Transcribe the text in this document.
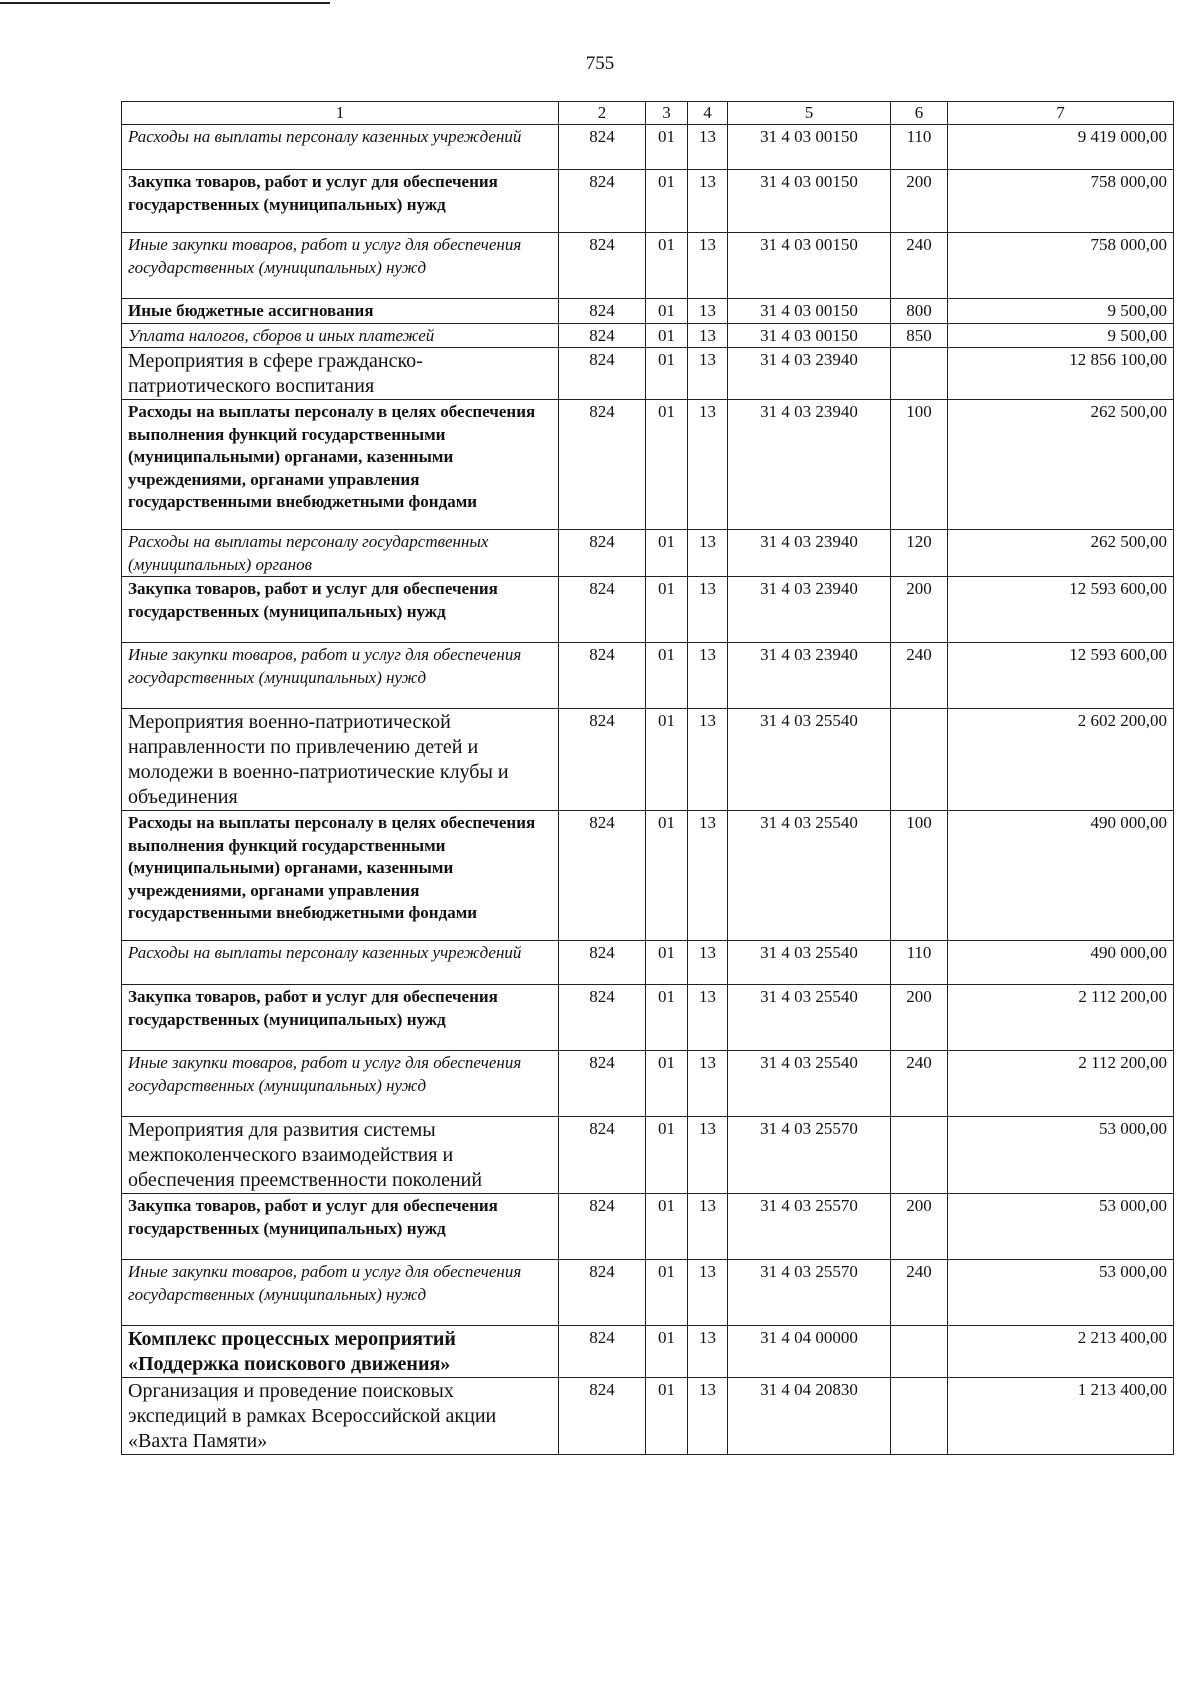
755
1	2	3	4	5	6	7
Расходы на выплаты персоналу казенных учреждений	824	01	13	31 4 03 00150	110	9 419 000,00
Закупка товаров, работ и услуг для обеспечения государственных (муниципальных) нужд	824	01	13	31 4 03 00150	200	758 000,00
Иные закупки товаров, работ и услуг для обеспечения государственных (муниципальных) нужд	824	01	13	31 4 03 00150	240	758 000,00
Иные бюджетные ассигнования	824	01	13	31 4 03 00150	800	9 500,00
Уплата налогов, сборов и иных платежей	824	01	13	31 4 03 00150	850	9 500,00
Мероприятия в сфере гражданско-патриотического воспитания	824	01	13	31 4 03 23940		12 856 100,00
Расходы на выплаты персоналу в целях обеспечения выполнения функций государственными (муниципальными) органами, казенными учреждениями, органами управления государственными внебюджетными фондами	824	01	13	31 4 03 23940	100	262 500,00
Расходы на выплаты персоналу государственных (муниципальных) органов	824	01	13	31 4 03 23940	120	262 500,00
Закупка товаров, работ и услуг для обеспечения государственных (муниципальных) нужд	824	01	13	31 4 03 23940	200	12 593 600,00
Иные закупки товаров, работ и услуг для обеспечения государственных (муниципальных) нужд	824	01	13	31 4 03 23940	240	12 593 600,00
Мероприятия военно-патриотической направленности по привлечению детей и молодежи в военно-патриотические клубы и объединения	824	01	13	31 4 03 25540		2 602 200,00
Расходы на выплаты персоналу в целях обеспечения выполнения функций государственными (муниципальными) органами, казенными учреждениями, органами управления государственными внебюджетными фондами	824	01	13	31 4 03 25540	100	490 000,00
Расходы на выплаты персоналу казенных учреждений	824	01	13	31 4 03 25540	110	490 000,00
Закупка товаров, работ и услуг для обеспечения государственных (муниципальных) нужд	824	01	13	31 4 03 25540	200	2 112 200,00
Иные закупки товаров, работ и услуг для обеспечения государственных (муниципальных) нужд	824	01	13	31 4 03 25540	240	2 112 200,00
Мероприятия для развития системы межпоколенческого взаимодействия и обеспечения преемственности поколений	824	01	13	31 4 03 25570		53 000,00
Закупка товаров, работ и услуг для обеспечения государственных (муниципальных) нужд	824	01	13	31 4 03 25570	200	53 000,00
Иные закупки товаров, работ и услуг для обеспечения государственных (муниципальных) нужд	824	01	13	31 4 03 25570	240	53 000,00
Комплекс процессных мероприятий «Поддержка поискового движения»	824	01	13	31 4 04 00000		2 213 400,00
Организация и проведение поисковых экспедиций в рамках Всероссийской акции «Вахта Памяти»	824	01	13	31 4 04 20830		1 213 400,00
